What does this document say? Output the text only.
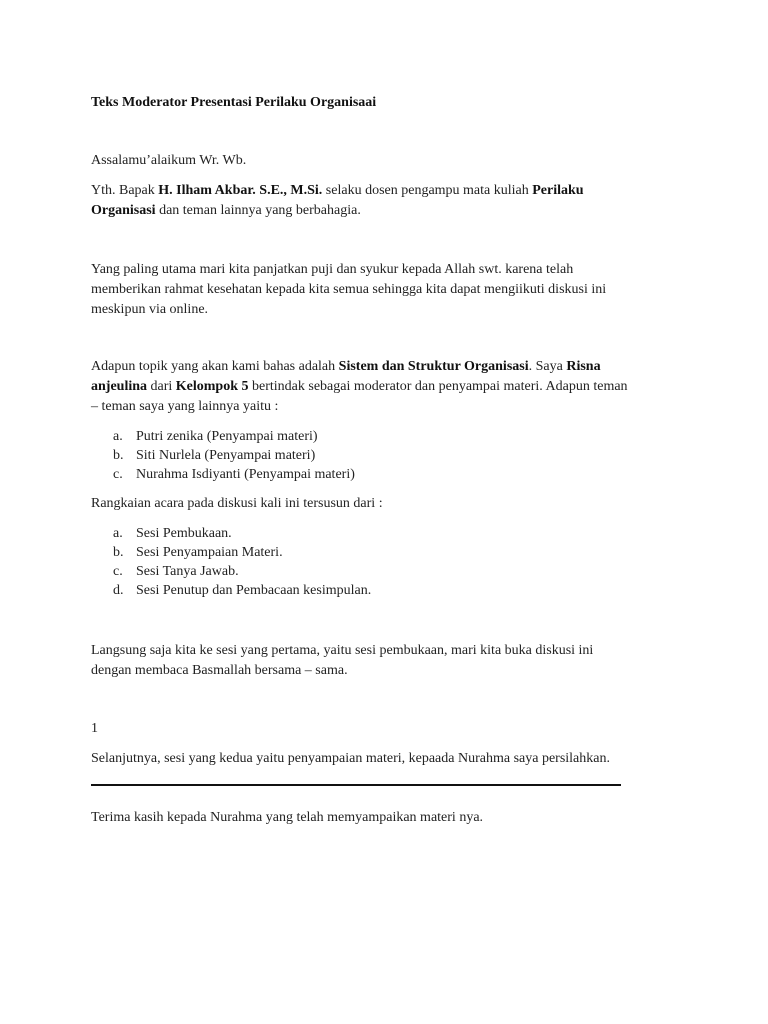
Teks Moderator Presentasi Perilaku Organisaai
Assalamu’alaikum Wr. Wb.
Yth. Bapak H. Ilham Akbar. S.E., M.Si. selaku dosen pengampu mata kuliah Perilaku
Organisasi dan teman lainnya yang berbahagia.
Yang paling utama mari kita panjatkan puji dan syukur kepada Allah swt. karena telah
memberikan rahmat kesehatan kepada kita semua sehingga kita dapat mengiikuti diskusi ini
meskipun via online.
Adapun topik yang akan kami bahas adalah Sistem dan Struktur Organisasi. Saya Risna
anjeulina dari Kelompok 5 bertindak sebagai moderator dan penyampai materi. Adapun teman
– teman saya yang lainnya yaitu :
a. Putri zenika (Penyampai materi)
b. Siti Nurlela (Penyampai materi)
c. Nurahma Isdiyanti (Penyampai materi)
Rangkaian acara pada diskusi kali ini tersusun dari :
a. Sesi Pembukaan.
b. Sesi Penyampaian Materi.
c. Sesi Tanya Jawab.
d. Sesi Penutup dan Pembacaan kesimpulan.
Langsung saja kita ke sesi yang pertama, yaitu sesi pembukaan, mari kita buka diskusi ini
dengan membaca Basmallah bersama – sama.
1
Selanjutnya, sesi yang kedua yaitu penyampaian materi, kepaada Nurahma saya persilahkan.
Terima kasih kepada Nurahma yang telah memyampaikan materi nya.
